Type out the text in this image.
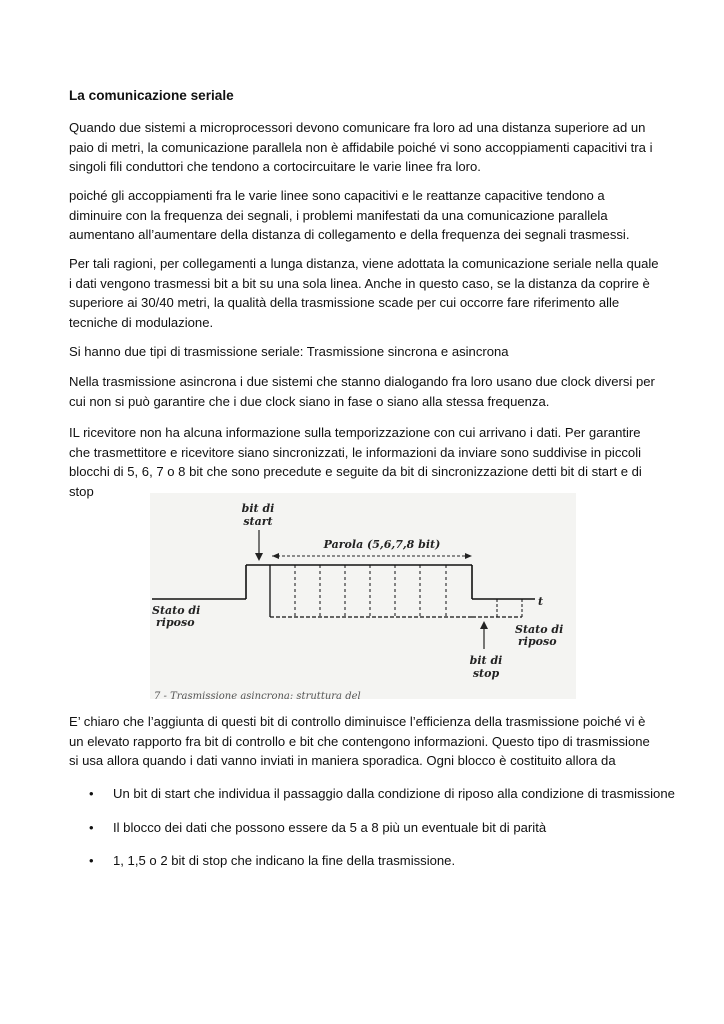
La comunicazione seriale

Quando due sistemi a microprocessori devono comunicare fra loro ad una distanza superiore ad un paio di metri, la comunicazione parallela non è affidabile poiché vi sono accoppiamenti capacitivi tra i singoli fili conduttori che tendono a cortocircuitare le varie linee fra loro.

poiché gli accoppiamenti fra le varie linee sono capacitivi e le reattanze capacitive tendono a diminuire con la frequenza dei segnali, i problemi manifestati da una comunicazione parallela aumentano all’aumentare della distanza di collegamento e della frequenza dei segnali trasmessi.

Per tali ragioni, per collegamenti a lunga distanza, viene adottata la comunicazione seriale nella quale i dati vengono trasmessi bit a bit su una sola linea. Anche in questo caso, se la distanza da coprire è superiore ai 30/40 metri, la qualità della trasmissione scade per cui occorre fare riferimento alle tecniche di modulazione.

Si hanno due tipi di trasmissione seriale: Trasmissione sincrona e asincrona

Nella trasmissione asincrona i due sistemi che stanno dialogando fra loro usano due clock diversi per cui non si può garantire che i due clock siano in fase o siano alla stessa frequenza.

IL ricevitore non ha alcuna informazione sulla temporizzazione con cui arrivano i dati. Per garantire che trasmettitore e ricevitore siano sincronizzati, le informazioni da inviare sono suddivise in piccoli blocchi di 5, 6, 7 o 8 bit che sono precedute e seguite da bit di sincronizzazione detti bit di start e di stop

E’ chiaro che l’aggiunta di questi bit di controllo diminuisce l’efficienza della trasmissione poiché vi è un elevato rapporto fra bit di controllo e bit che contengono informazioni. Questo tipo di trasmissione si usa allora quando i dati vanno inviati in maniera sporadica. Ogni blocco è costituito allora da

• Un bit di start che individua il passaggio dalla condizione di riposo alla condizione di trasmissione
• Il blocco dei dati che possono essere da 5 a 8 più un eventuale bit di parità
• 1, 1,5 o 2 bit di stop che indicano la fine della trasmissione.
bit di
start
Parola (5,6,7,8 bit)
t
Stato di
riposo
Stato di
riposo
bit di
stop
7 - Trasmissione asincrona: struttura del
